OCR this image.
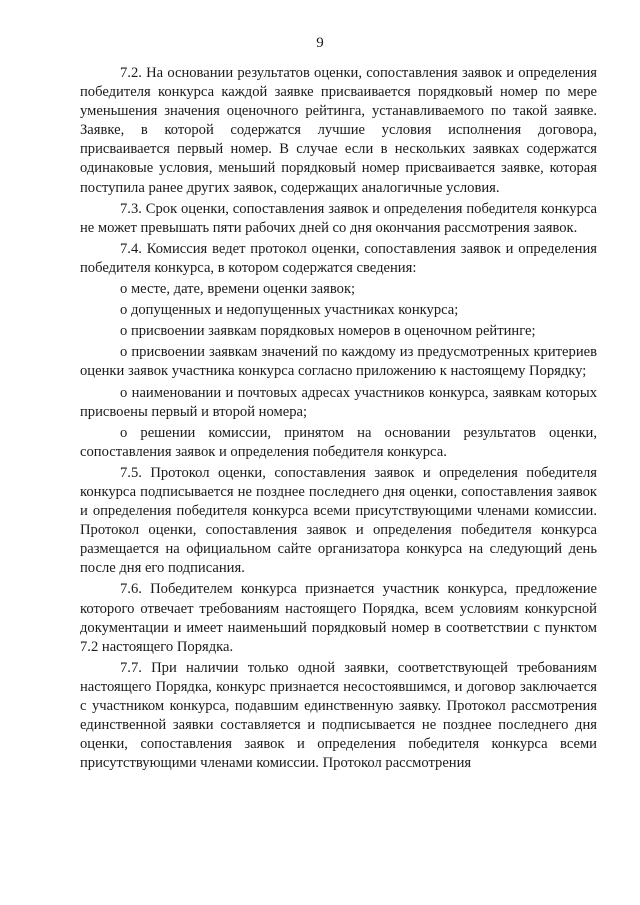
9

7.2. На основании результатов оценки, сопоставления заявок и определения победителя конкурса каждой заявке присваивается порядковый номер по мере уменьшения значения оценочного рейтинга, устанавливаемого по такой заявке. Заявке, в которой содержатся лучшие условия исполнения договора, присваивается первый номер. В случае если в нескольких заявках содержатся одинаковые условия, меньший порядковый номер присваивается заявке, которая поступила ранее других заявок, содержащих аналогичные условия.

7.3. Срок оценки, сопоставления заявок и определения победителя конкурса не может превышать пяти рабочих дней со дня окончания рассмотрения заявок.

7.4. Комиссия ведет протокол оценки, сопоставления заявок и определения победителя конкурса, в котором содержатся сведения:

о месте, дате, времени оценки заявок;

о допущенных и недопущенных участниках конкурса;

о присвоении заявкам порядковых номеров в оценочном рейтинге;

о присвоении заявкам значений по каждому из предусмотренных критериев оценки заявок участника конкурса согласно приложению к настоящему Порядку;

о наименовании и почтовых адресах участников конкурса, заявкам которых присвоены первый и второй номера;

о решении комиссии, принятом на основании результатов оценки, сопоставления заявок и определения победителя конкурса.

7.5. Протокол оценки, сопоставления заявок и определения победителя конкурса подписывается не позднее последнего дня оценки, сопоставления заявок и определения победителя конкурса всеми присутствующими членами комиссии. Протокол оценки, сопоставления заявок и определения победителя конкурса размещается на официальном сайте организатора конкурса на следующий день после дня его подписания.

7.6. Победителем конкурса признается участник конкурса, предложение которого отвечает требованиям настоящего Порядка, всем условиям конкурсной документации и имеет наименьший порядковый номер в соответствии с пунктом 7.2 настоящего Порядка.

7.7. При наличии только одной заявки, соответствующей требованиям настоящего Порядка, конкурс признается несостоявшимся, и договор заключается с участником конкурса, подавшим единственную заявку. Протокол рассмотрения единственной заявки составляется и подписывается не позднее последнего дня оценки, сопоставления заявок и определения победителя конкурса всеми присутствующими членами комиссии. Протокол рассмотрения
